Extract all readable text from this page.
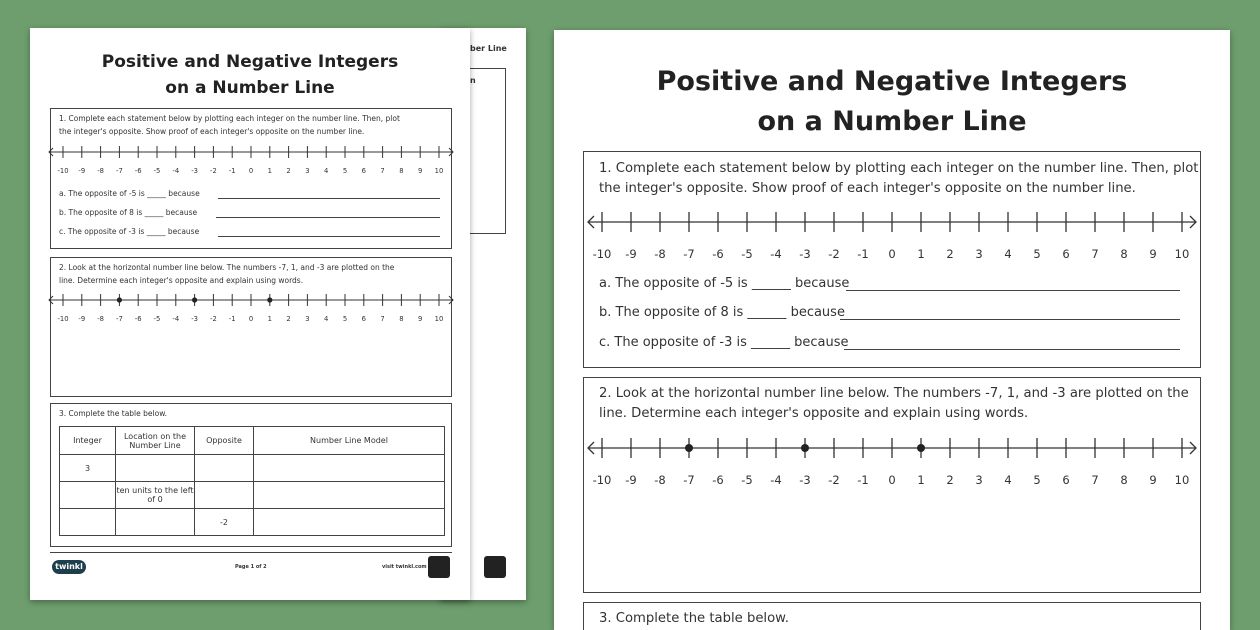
ber Line
n
Positive and Negative Integers
on a Number Line
1. Complete each statement below by plotting each integer on the number line. Then, plot
the integer's opposite. Show proof of each integer's opposite on the number line.
-10 -9 -8 -7 -6 -5 -4 -3 -2 -1 0 1 2 3 4 5 6 7 8 9 10
a. The opposite of -5 is _____ because
b. The opposite of 8 is _____ because
c. The opposite of -3 is _____ because
2. Look at the horizontal number line below. The numbers -7, 1, and -3 are plotted on the
line. Determine each integer's opposite and explain using words.
-10 -9 -8 -7 -6 -5 -4 -3 -2 -1 0 1 2 3 4 5 6 7 8 9 10
3. Complete the table below.
Integer	Location on the Number Line	Opposite	Number Line Model
3			
	ten units to the left of 0		
		-2	
twinkl	Page 1 of 2	visit twinkl.com
Positive and Negative Integers
on a Number Line
1. Complete each statement below by plotting each integer on the number line. Then, plot
the integer's opposite. Show proof of each integer's opposite on the number line.
-10 -9 -8 -7 -6 -5 -4 -3 -2 -1 0 1 2 3 4 5 6 7 8 9 10
a. The opposite of -5 is ______ because
b. The opposite of 8 is ______ because
c. The opposite of -3 is ______ because
2. Look at the horizontal number line below. The numbers -7, 1, and -3 are plotted on the
line. Determine each integer's opposite and explain using words.
-10 -9 -8 -7 -6 -5 -4 -3 -2 -1 0 1 2 3 4 5 6 7 8 9 10
3. Complete the table below.
